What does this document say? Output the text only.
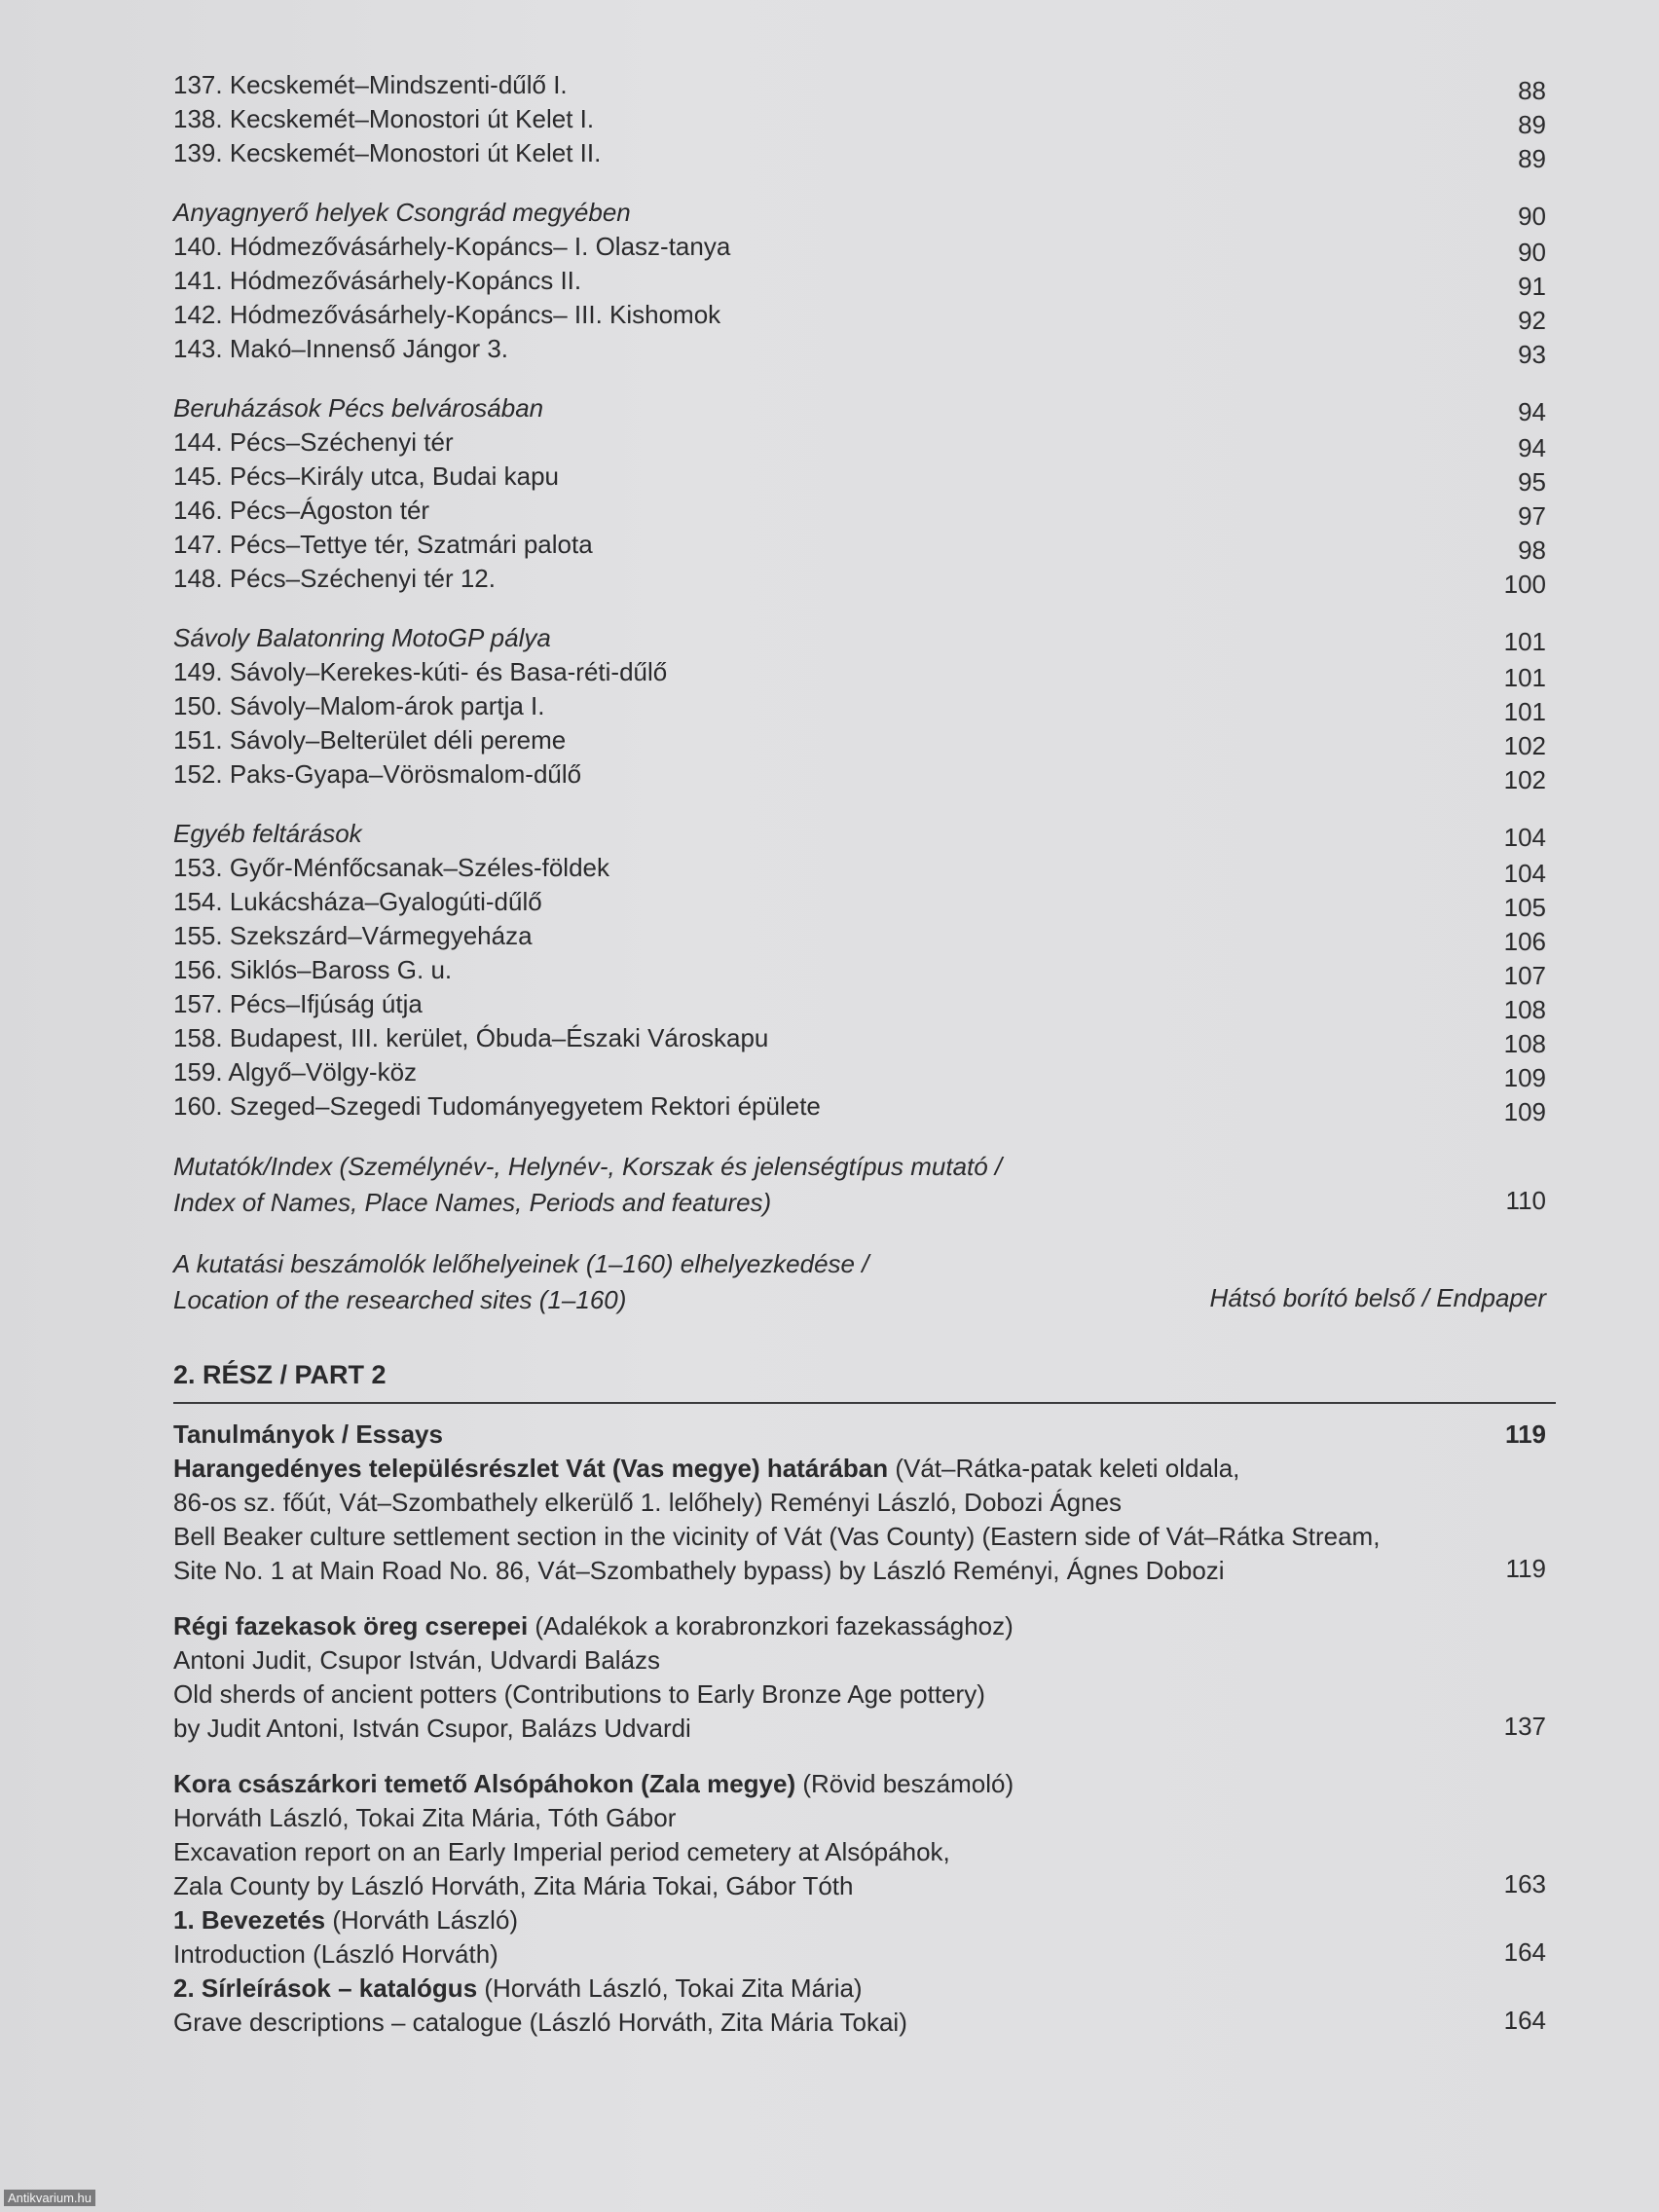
137. Kecskemét–Mindszenti-dűlő I.	88
138. Kecskemét–Monostori út Kelet I.	89
139. Kecskemét–Monostori út Kelet II.	89
Anyagnyerő helyek Csongrád megyében	90
140. Hódmezővásárhely-Kopáncs– I. Olasz-tanya	90
141. Hódmezővásárhely-Kopáncs II.	91
142. Hódmezővásárhely-Kopáncs– III. Kishomok	92
143. Makó–Innenső Jángor 3.	93
Beruházások Pécs belvárosában	94
144. Pécs–Széchenyi tér	94
145. Pécs–Király utca, Budai kapu	95
146. Pécs–Ágoston tér	97
147. Pécs–Tettye tér, Szatmári palota	98
148. Pécs–Széchenyi tér 12.	100
Sávoly Balatonring MotoGP pálya	101
149. Sávoly–Kerekes-kúti- és Basa-réti-dűlő	101
150. Sávoly–Malom-árok partja I.	101
151. Sávoly–Belterület déli pereme	102
152. Paks-Gyapa–Vörösmalom-dűlő	102
Egyéb feltárások	104
153. Győr-Ménfőcsanak–Széles-földek	104
154. Lukácsháza–Gyalogúti-dűlő	105
155. Szekszárd–Vármegyeháza	106
156. Siklós–Baross G. u.	107
157. Pécs–Ifjúság útja	108
158. Budapest, III. kerület, Óbuda–Északi Városkapu	108
159. Algyő–Völgy-köz	109
160. Szeged–Szegedi Tudományegyetem Rektori épülete	109
Mutatók/Index (Személynév-, Helynév-, Korszak és jelenségtípus mutató /
Index of Names, Place Names, Periods and features)	110
A kutatási beszámolók lelőhelyeinek (1–160) elhelyezkedése /
Location of the researched sites (1–160)	Hátsó borító belső / Endpaper
2. RÉSZ / PART 2
Tanulmányok / Essays	119
Harangedényes településrészlet Vát (Vas megye) határában (Vát–Rátka-patak keleti oldala,
86-os sz. főút, Vát–Szombathely elkerülő 1. lelőhely) Reményi László, Dobozi Ágnes
Bell Beaker culture settlement section in the vicinity of Vát (Vas County) (Eastern side of Vát–Rátka Stream,
Site No. 1 at Main Road No. 86, Vát–Szombathely bypass) by László Reményi, Ágnes Dobozi	119
Régi fazekasok öreg cserepei (Adalékok a korabronzkori fazekassághoz)
Antoni Judit, Csupor István, Udvardi Balázs
Old sherds of ancient potters (Contributions to Early Bronze Age pottery)
by Judit Antoni, István Csupor, Balázs Udvardi	137
Kora császárkori temető Alsópáhokon (Zala megye) (Rövid beszámoló)
Horváth László, Tokai Zita Mária, Tóth Gábor
Excavation report on an Early Imperial period cemetery at Alsópáhok,
Zala County by László Horváth, Zita Mária Tokai, Gábor Tóth	163
1. Bevezetés (Horváth László)
Introduction (László Horváth)	164
2. Sírleírások – katalógus (Horváth László, Tokai Zita Mária)
Grave descriptions – catalogue (László Horváth, Zita Mária Tokai)	164
Antikvarium.hu
